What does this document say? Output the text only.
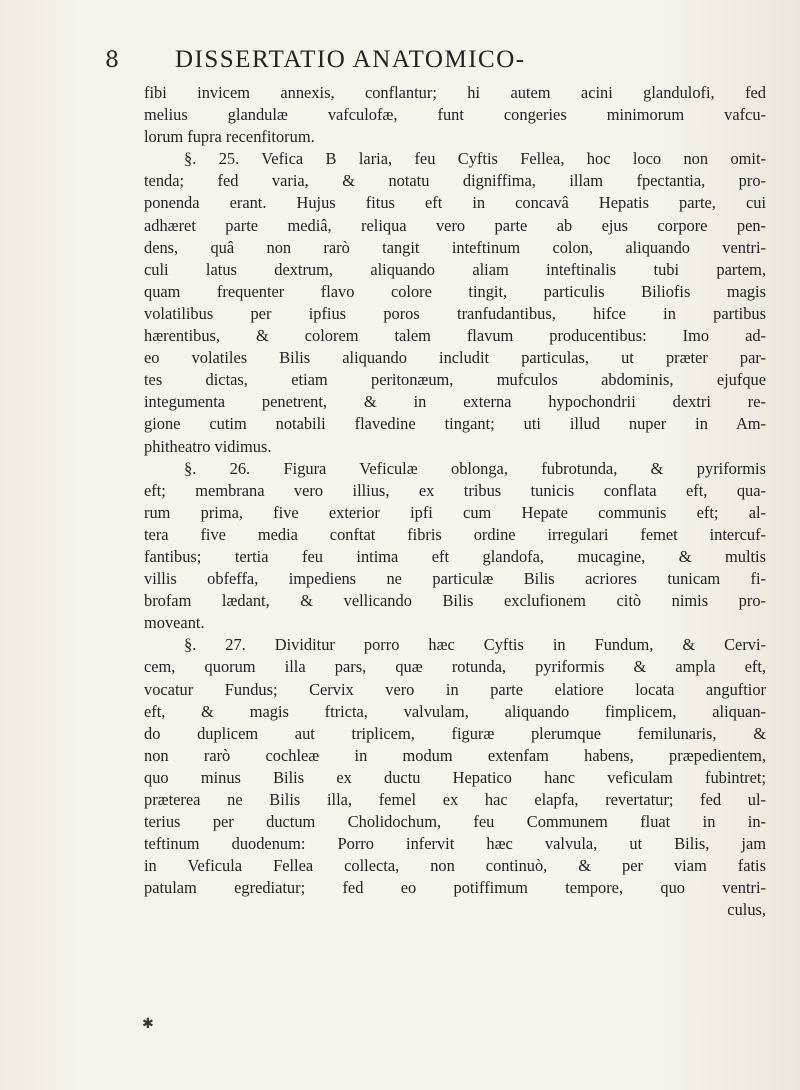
8	DISSERTATIO ANATOMICO-
fibi invicem annexis, conflantur; hi autem acini glandulofi, fed
melius glandulæ vafculofæ, funt congeries minimorum vafcu-
lorum fupra recenfitorum.
§. 25. Vefica B laria, feu Cyftis Fellea, hoc loco non omit-
tenda; fed varia, & notatu digniffima, illam fpectantia, pro-
ponenda erant. Hujus fitus eft in concavâ Hepatis parte, cui
adhæret parte mediâ, reliqua vero parte ab ejus corpore pen-
dens, quâ non rarò tangit inteftinum colon, aliquando ventri-
culi latus dextrum, aliquando aliam inteftinalis tubi partem,
quam frequenter flavo colore tingit, particulis Biliofis magis
volatilibus per ipfius poros tranfudantibus, hifce in partibus
hærentibus, & colorem talem flavum producentibus: Imo ad-
eo volatiles Bilis aliquando includit particulas, ut præter par-
tes dictas, etiam peritonæum, mufculos abdominis, ejufque
integumenta penetrent, & in externa hypochondrii dextri re-
gione cutim notabili flavedine tingant; uti illud nuper in Am-
phitheatro vidimus.
§. 26. Figura Veficulæ oblonga, fubrotunda, & pyriformis
eft; membrana vero illius, ex tribus tunicis conflata eft, qua-
rum prima, five exterior ipfi cum Hepate communis eft; al-
tera five media conftat fibris ordine irregulari femet intercuf-
fantibus; tertia feu intima eft glandofa, mucagine, & multis
villis obfeffa, impediens ne particulæ Bilis acriores tunicam fi-
brofam lædant, & vellicando Bilis exclufionem citò nimis pro-
moveant.
§. 27. Dividitur porro hæc Cyftis in Fundum, & Cervi-
cem, quorum illa pars, quæ rotunda, pyriformis & ampla eft,
vocatur Fundus; Cervix vero in parte elatiore locata anguftior
eft, & magis ftricta, valvulam, aliquando fimplicem, aliquan-
do duplicem aut triplicem, figuræ plerumque femilunaris, &
non rarò cochleæ in modum extenfam habens, præpedientem,
quo minus Bilis ex ductu Hepatico hanc veficulam fubintret;
præterea ne Bilis illa, femel ex hac elapfa, revertatur; fed ul-
terius per ductum Cholidochum, feu Communem fluat in in-
teftinum duodenum: Porro infervit hæc valvula, ut Bilis, jam
in Veficula Fellea collecta, non continuò, & per viam fatis
patulam egrediatur; fed eo potiffimum tempore, quo ventri-
culus,
✱
